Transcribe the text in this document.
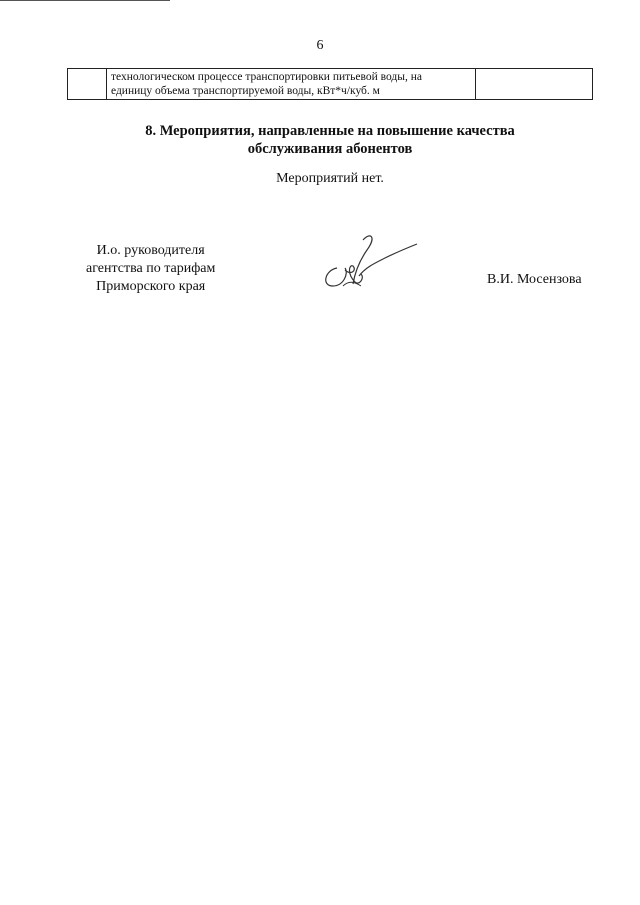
6

технологическом процессе транспортировки питьевой воды, на
единицу объема транспортируемой воды, кВт*ч/куб. м

8. Мероприятия, направленные на повышение качества
обслуживания абонентов
Мероприятий нет.
И.о. руководителя
агентства по тарифам
Приморского края	В.И. Мосензова
